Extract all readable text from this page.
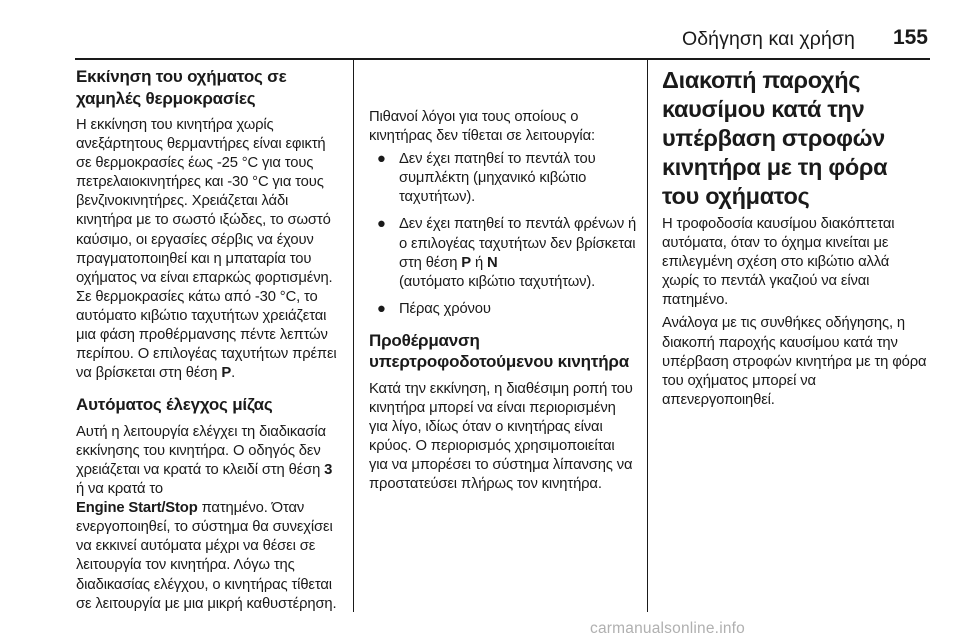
Οδήγηση και χρήση 155
Εκκίνηση του οχήματος σε χαμηλές θερμοκρασίες
Η εκκίνηση του κινητήρα χωρίς ανεξάρτητους θερμαντήρες είναι εφικτή σε θερμοκρασίες έως -25 °C για τους πετρελαιοκινητήρες και -30 °C για τους βενζινοκινητήρες. Χρειάζεται λάδι κινητήρα με το σωστό ιξώδες, το σωστό καύσιμο, οι εργασίες σέρβις να έχουν πραγματοποιηθεί και η μπαταρία του οχήματος να είναι επαρκώς φορτισμένη. Σε θερμοκρασίες κάτω από -30 °C, το αυτόματο κιβώτιο ταχυτήτων χρειάζεται μια φάση προθέρμανσης πέντε λεπτών περίπου. Ο επιλογέας ταχυτήτων πρέπει να βρίσκεται στη θέση P.
Αυτόματος έλεγχος μίζας
Αυτή η λειτουργία ελέγχει τη διαδικασία εκκίνησης του κινητήρα. Ο οδηγός δεν χρειάζεται να κρατά το κλειδί στη θέση 3 ή να κρατά το
Engine Start/Stop πατημένο. Όταν ενεργοποιηθεί, το σύστημα θα συνεχίσει να εκκινεί αυτόματα μέχρι να θέσει σε λειτουργία τον κινητήρα. Λόγω της διαδικασίας ελέγχου, ο κινητήρας τίθεται σε λειτουργία με μια μικρή καθυστέρηση.
Πιθανοί λόγοι για τους οποίους ο κινητήρας δεν τίθεται σε λειτουργία:
● Δεν έχει πατηθεί το πεντάλ του συμπλέκτη (μηχανικό κιβώτιο ταχυτήτων).
● Δεν έχει πατηθεί το πεντάλ φρένων ή ο επιλογέας ταχυτήτων δεν βρίσκεται στη θέση P ή N
(αυτόματο κιβώτιο ταχυτήτων).
● Πέρας χρόνου
Προθέρμανση υπερτροφοδοτούμενου κινητήρα
Κατά την εκκίνηση, η διαθέσιμη ροπή του κινητήρα μπορεί να είναι περιορισμένη για λίγο, ιδίως όταν ο κινητήρας είναι κρύος. Ο περιορισμός χρησιμοποιείται για να μπορέσει το σύστημα λίπανσης να προστατεύσει πλήρως τον κινητήρα.
Διακοπή παροχής καυσίμου κατά την υπέρβαση στροφών κινητήρα με τη φόρα του οχήματος
Η τροφοδοσία καυσίμου διακόπτεται αυτόματα, όταν το όχημα κινείται με επιλεγμένη σχέση στο κιβώτιο αλλά χωρίς το πεντάλ γκαζιού να είναι πατημένο.
Ανάλογα με τις συνθήκες οδήγησης, η διακοπή παροχής καυσίμου κατά την υπέρβαση στροφών κινητήρα με τη φόρα του οχήματος μπορεί να απενεργοποιηθεί.
carmanualsonline.info
